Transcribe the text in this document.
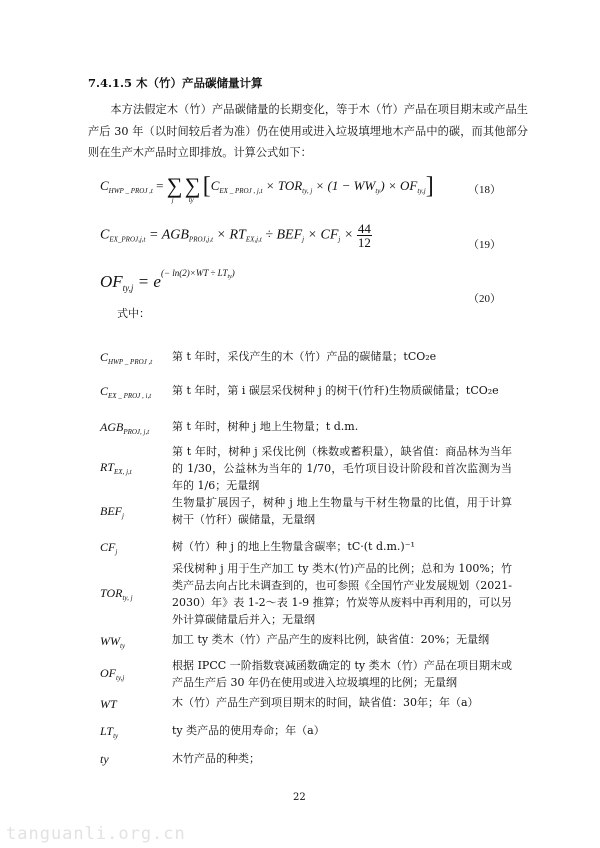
7.4.1.5 木（竹）产品碳储量计算
本方法假定木（竹）产品碳储量的长期变化，等于木（竹）产品在项目期末或产品生产后 30 年（以时间较后者为准）仍在使用或进入垃圾填埋地木产品中的碳，而其他部分则在生产木产品时立即排放。计算公式如下：
$C_{HWP \_ PROJ ,t}$ = ∑
j
∑
ty
$[C_{EX \_ PROJ , j,t} \times TOR_{ty, j} \times (1 - WW_{ty}) \times OF_{ty,j}]$	（18）
$C_{EX\_PROJ,j,t} = AGB_{PROJ,j,t} \times RT_{EX,j,t} \div BEF_j \times CF_j \times \frac{44}{12}$	（19）
$OF_{ty,j} = e^{(- ln(2)\times WT \div LT_{ty})}$
（20）
式中：
$C_{HWP \_ PROJ ,t}$ 第 t 年时，采伐产生的木（竹）产品的碳储量；tCO₂e
$C_{EX \_ PROJ , i,t}$ 第 t 年时，第 i 碳层采伐树种 j 的树干(竹秆)生物质碳储量；tCO₂e
$AGB_{PROJ, j,t}$ 第 t 年时，树种 j 地上生物量；t d.m.
$RT_{EX, j,t}$
第 t 年时，树种 j 采伐比例（株数或蓄积量），缺省值：商品林为当年的 1/30，公益林为当年的 1/70，毛竹项目设计阶段和首次监测为当年的 1/6；无量纲
$BEF_j$
生物量扩展因子，树种 j 地上生物量与干材生物量的比值，用于计算树干（竹秆）碳储量，无量纲
$CF_j$	树（竹）种 j 的地上生物量含碳率；tC·(t d.m.)⁻¹
$TOR_{ty, j}$
采伐树种 j 用于生产加工 ty 类木(竹)产品的比例；总和为 100%；竹类产品去向占比未调查到的，也可参照《全国竹产业发展规划（2021-2030）年》表 1-2～表 1-9 推算；竹炭等从废料中再利用的，可以另外计算碳储量后并入；无量纲
$WW_{ty}$	加工 ty 类木（竹）产品产生的废料比例，缺省值：20%；无量纲
$OF_{ty,j}$
根据 IPCC 一阶指数衰减函数确定的 ty 类木（竹）产品在项目期末或产品生产后 30 年仍在使用或进入垃圾填埋的比例；无量纲
WT	木（竹）产品生产到项目期末的时间，缺省值：30年；年（a）
$LT_{ty}$	ty 类产品的使用寿命；年（a）
ty	木竹产品的种类；
22
tanguanli.org.cn
